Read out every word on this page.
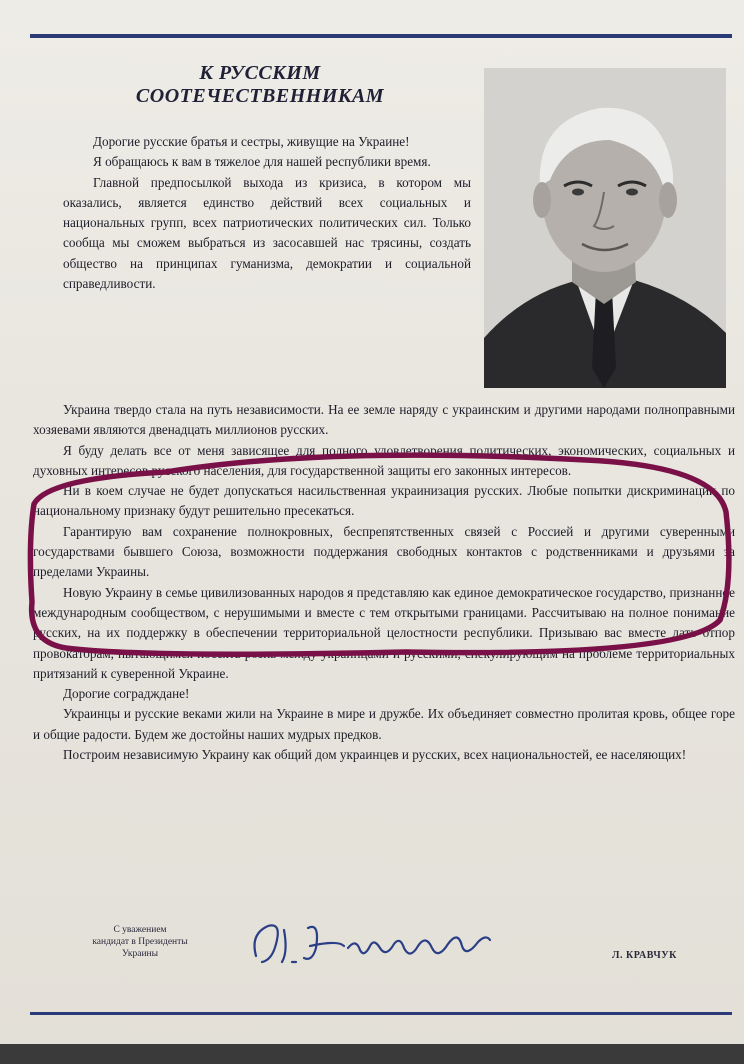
К РУССКИМ
СООТЕЧЕСТВЕННИКАМ

Дорогие русские братья и сестры, живущие на Украине!

Я обращаюсь к вам в тяжелое для нашей республики время.

Главной предпосылкой выхода из кризиса, в котором мы оказались, является единство действий всех социальных и национальных групп, всех патриотических политических сил. Только сообща мы сможем выбраться из засосавшей нас трясины, создать общество на принципах гуманизма, демократии и социальной справедливости.

Украина твердо стала на путь независимости. На ее земле наряду с украинским и другими народами полноправными хозяевами являются двенадцать миллионов русских.

Я буду делать все от меня зависящее для полного удовлетворения политических, экономических, социальных и духовных интересов русского населения, для государственной защиты его законных интересов.

Ни в коем случае не будет допускаться насильственная украинизация русских. Любые попытки дискриминации по национальному признаку будут решительно пресекаться.

Гарантирую вам сохранение полнокровных, беспрепятственных связей с Россией и другими суверенными государствами бывшего Союза, возможности поддержания свободных контактов с родственниками и друзьями за пределами Украины.

Новую Украину в семье цивилизованных народов я представляю как единое демократическое государство, признанное международным сообществом, с нерушимыми и вместе с тем открытыми границами. Рассчитываю на полное понимание русских, на их поддержку в обеспечении территориальной целостности республики. Призываю вас вместе дать отпор провокаторам, пытающимся посеять рознь между украинцами и русскими, спекулирующим на проблеме территориальных притязаний к суверенной Украине.

Дорогие соградждане!

Украинцы и русские веками жили на Украине в мире и дружбе. Их объединяет совместно пролитая кровь, общее горе и общие радости. Будем же достойны наших мудрых предков.

Построим независимую Украину как общий дом украинцев и русских, всех национальностей, ее населяющих!

С уважением
кандидат в Президенты
Украины	Л. КРАВЧУК
